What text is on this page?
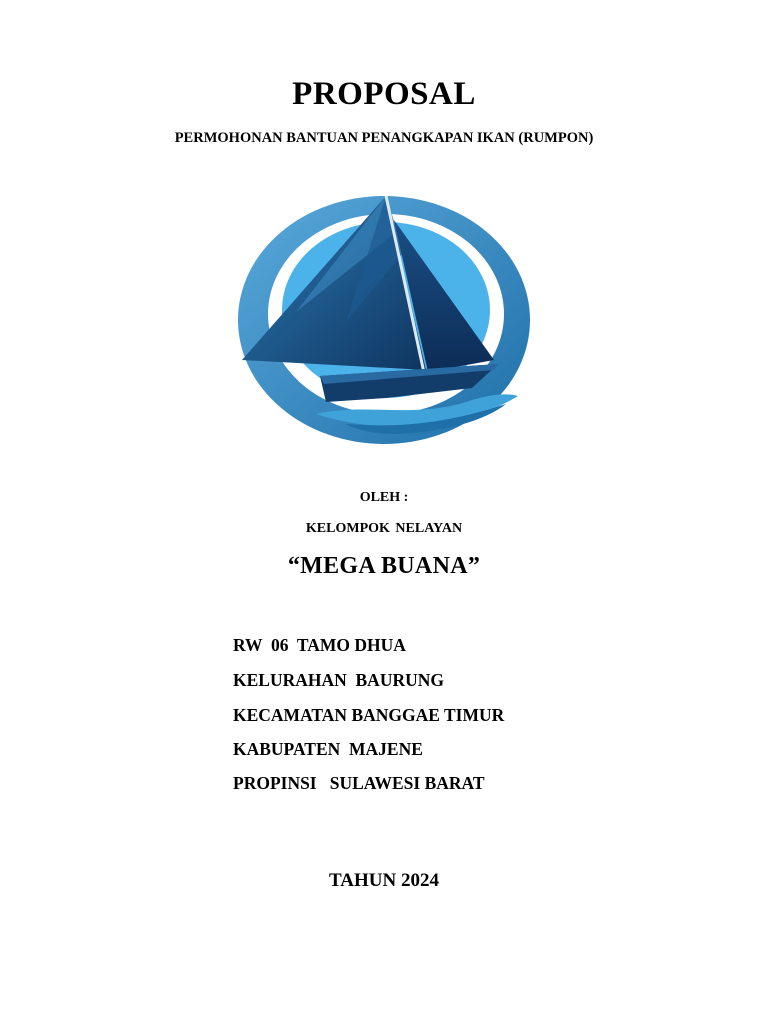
PROPOSAL
PERMOHONAN BANTUAN PENANGKAPAN IKAN (RUMPON)
OLEH :
KELOMPOK NELAYAN
“MEGA BUANA”
RW  06  TAMO DHUA
KELURAHAN  BAURUNG
KECAMATAN BANGGAE TIMUR
KABUPATEN  MAJENE
PROPINSI   SULAWESI BARAT
TAHUN 2024
